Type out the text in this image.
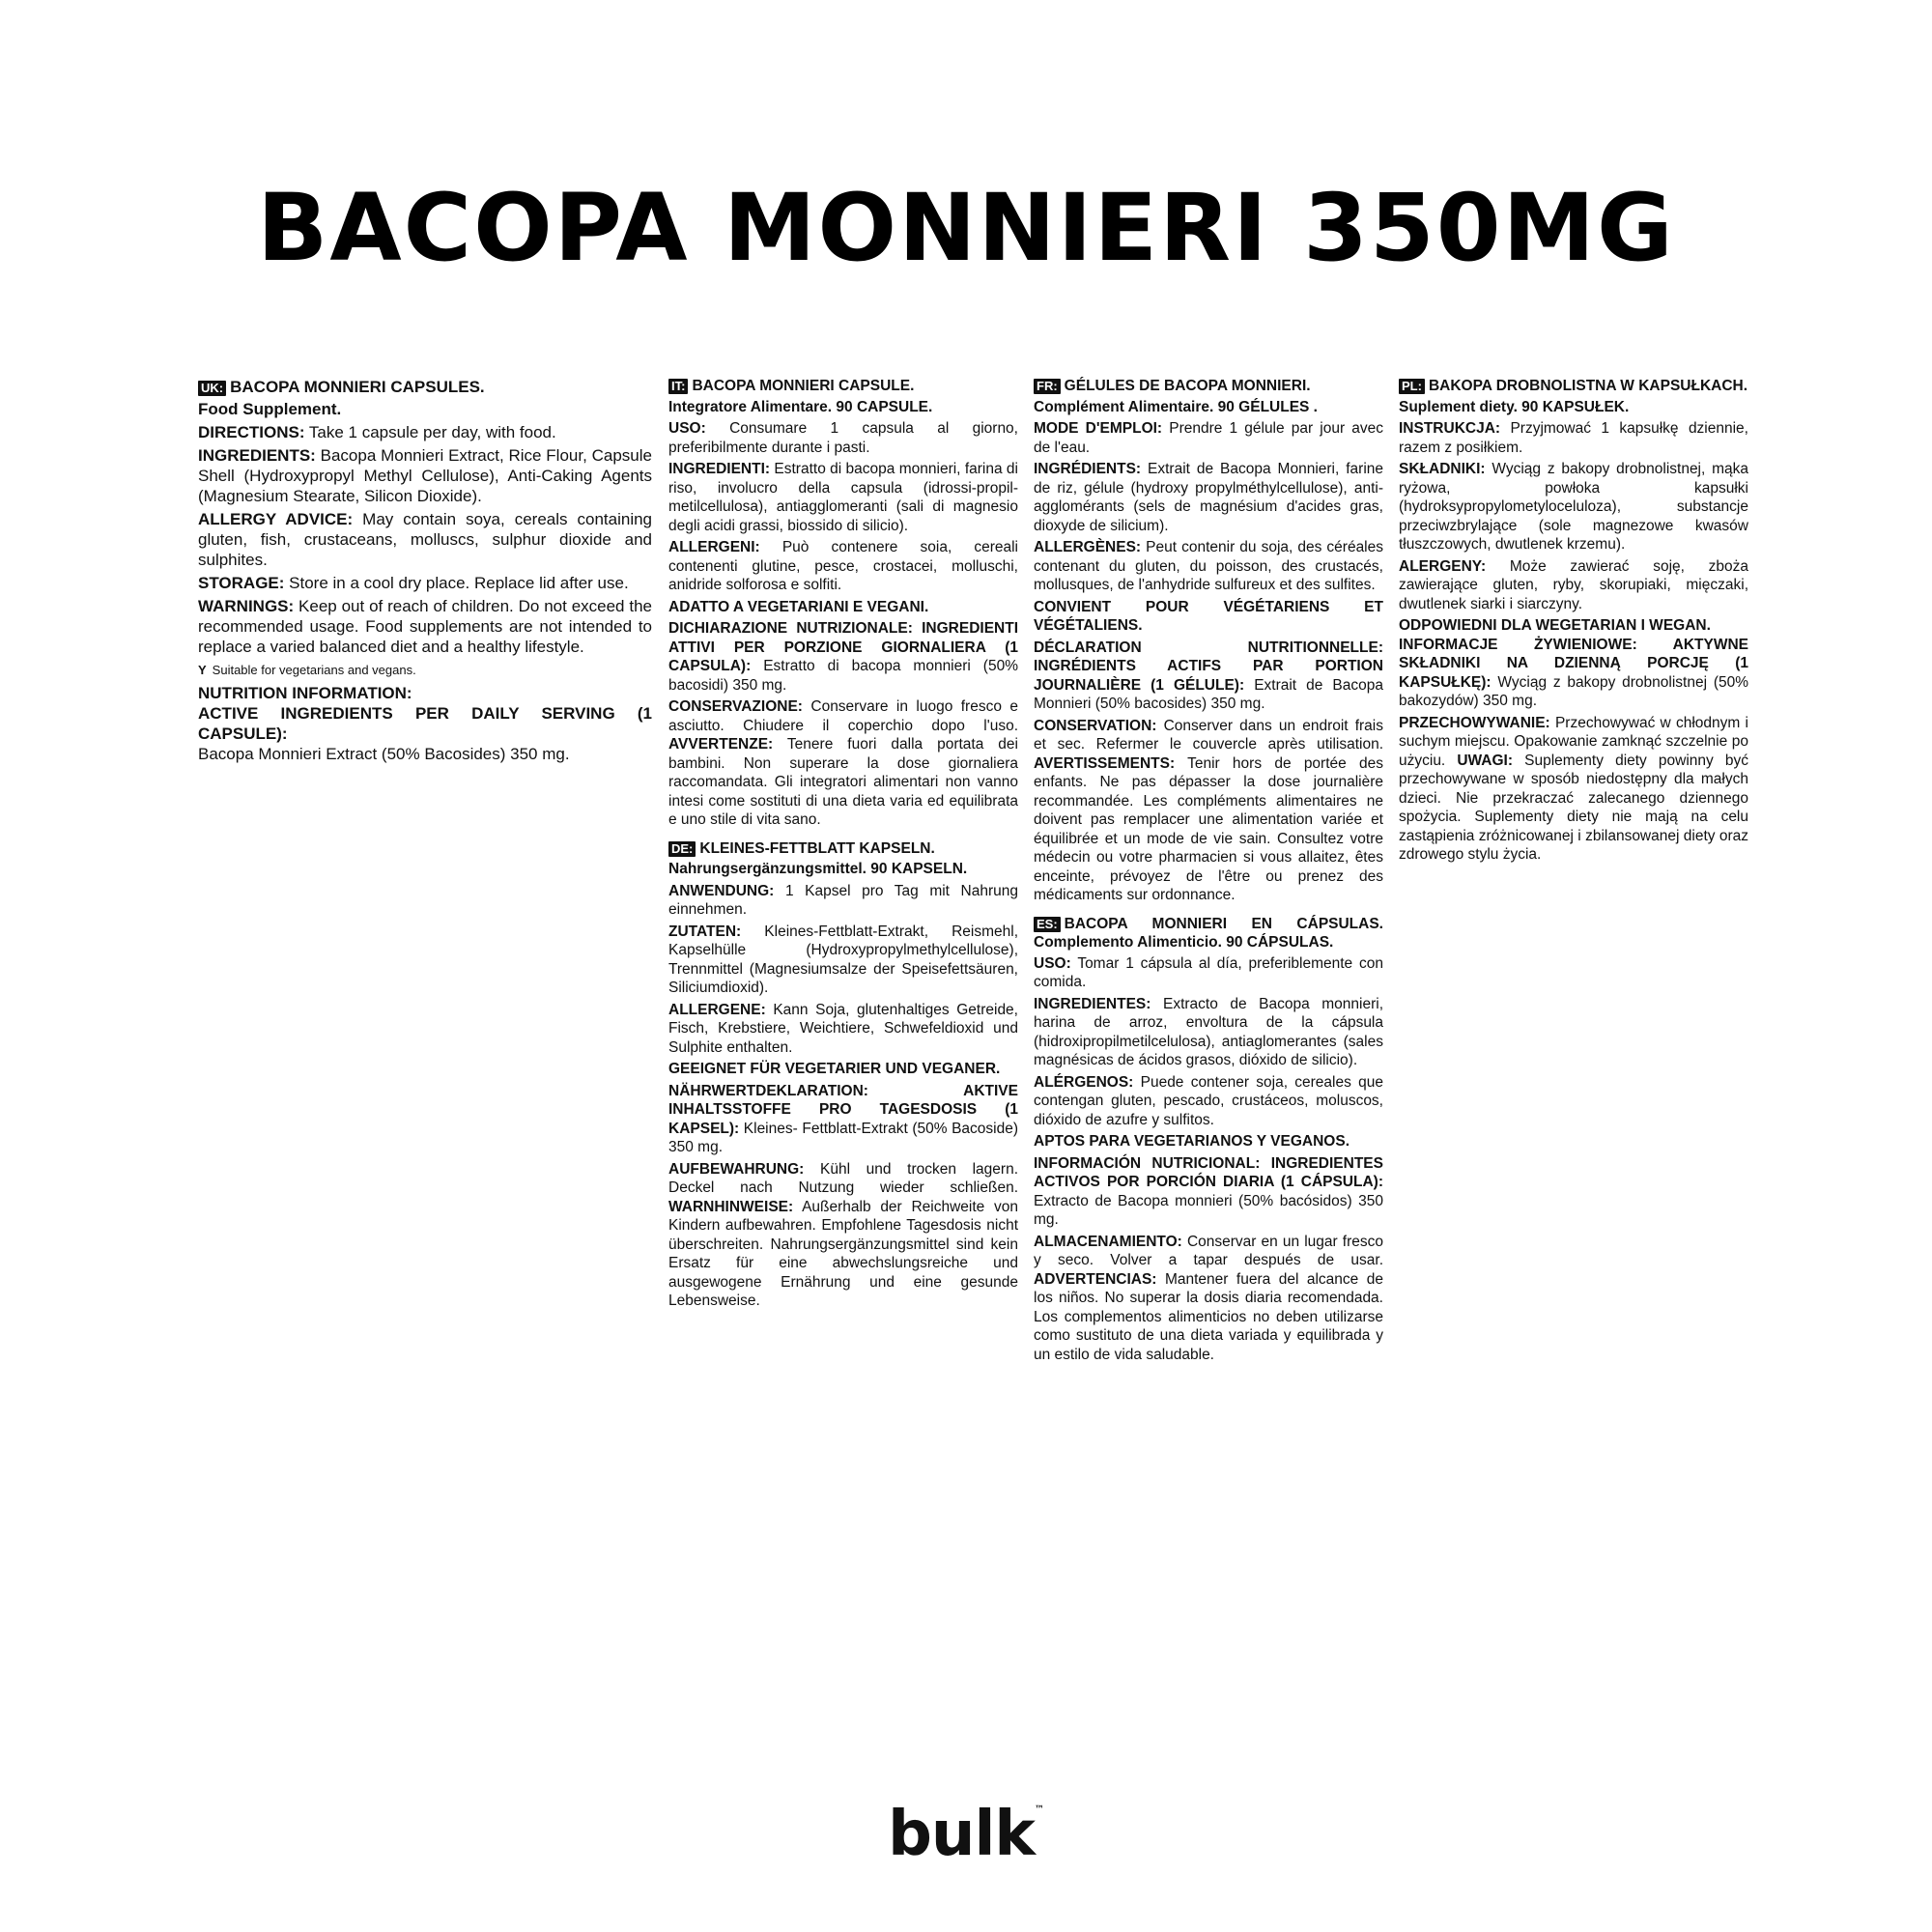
BACOPA MONNIERI 350MG

UK: BACOPA MONNIERI CAPSULES.

Food Supplement.

DIRECTIONS: Take 1 capsule per day, with food.

INGREDIENTS: Bacopa Monnieri Extract, Rice Flour, Capsule Shell (Hydroxypropyl Methyl Cellulose), Anti-Caking Agents (Magnesium Stearate, Silicon Dioxide).

ALLERGY ADVICE: May contain soya, cereals containing gluten, fish, crustaceans, molluscs, sulphur dioxide and sulphites.

STORAGE: Store in a cool dry place. Replace lid after use.

WARNINGS: Keep out of reach of children. Do not exceed the recommended usage. Food supplements are not intended to replace a varied balanced diet and a healthy lifestyle.

Y Suitable for vegetarians and vegans.

NUTRITION INFORMATION:

ACTIVE INGREDIENTS PER DAILY SERVING (1 CAPSULE):

Bacopa Monnieri Extract (50% Bacosides) 350 mg.

IT: BACOPA MONNIERI CAPSULE.

Integratore Alimentare. 90 CAPSULE.

USO: Consumare 1 capsula al giorno, preferibilmente durante i pasti.

INGREDIENTI: Estratto di bacopa monnieri, farina di riso, involucro della capsula (idrossi-propil-metilcellulosa), antiagglomeranti (sali di magnesio degli acidi grassi, biossido di silicio).

ALLERGENI: Può contenere soia, cereali contenenti glutine, pesce, crostacei, molluschi, anidride solforosa e solfiti.

ADATTO A VEGETARIANI E VEGANI.

DICHIARAZIONE NUTRIZIONALE: INGREDIENTI ATTIVI PER PORZIONE GIORNALIERA (1 CAPSULA): Estratto di bacopa monnieri (50% bacosidi) 350 mg.

CONSERVAZIONE: Conservare in luogo fresco e asciutto. Chiudere il coperchio dopo l'uso. AVVERTENZE: Tenere fuori dalla portata dei bambini. Non superare la dose giornaliera raccomandata. Gli integratori alimentari non vanno intesi come sostituti di una dieta varia ed equilibrata e uno stile di vita sano.

DE: KLEINES-FETTBLATT KAPSELN.

Nahrungsergänzungsmittel. 90 KAPSELN.

ANWENDUNG: 1 Kapsel pro Tag mit Nahrung einnehmen.

ZUTATEN: Kleines-Fettblatt-Extrakt, Reismehl, Kapselhülle (Hydroxypropylmethylcellulose), Trennmittel (Magnesiumsalze der Speisefettsäuren, Siliciumdioxid).

ALLERGENE: Kann Soja, glutenhaltiges Getreide, Fisch, Krebstiere, Weichtiere, Schwefeldioxid und Sulphite enthalten.

GEEIGNET FÜR VEGETARIER UND VEGANER.

NÄHRWERTDEKLARATION: AKTIVE INHALTSSTOFFE PRO TAGESDOSIS (1 KAPSEL): Kleines- Fettblatt-Extrakt (50% Bacoside) 350 mg.

AUFBEWAHRUNG: Kühl und trocken lagern. Deckel nach Nutzung wieder schließen. WARNHINWEISE: Außerhalb der Reichweite von Kindern aufbewahren. Empfohlene Tagesdosis nicht überschreiten. Nahrungsergänzungsmittel sind kein Ersatz für eine abwechslungsreiche und ausgewogene Ernährung und eine gesunde Lebensweise.

FR: GÉLULES DE BACOPA MONNIERI.

Complément Alimentaire. 90 GÉLULES .

MODE D'EMPLOI: Prendre 1 gélule par jour avec de l'eau.

INGRÉDIENTS: Extrait de Bacopa Monnieri, farine de riz, gélule (hydroxy propylméthylcellulose), anti-agglomérants (sels de magnésium d'acides gras, dioxyde de silicium).

ALLERGÈNES: Peut contenir du soja, des céréales contenant du gluten, du poisson, des crustacés, mollusques, de l'anhydride sulfureux et des sulfites.

CONVIENT POUR VÉGÉTARIENS ET VÉGÉTALIENS.

DÉCLARATION NUTRITIONNELLE: INGRÉDIENTS ACTIFS PAR PORTION JOURNALIÈRE (1 GÉLULE): Extrait de Bacopa Monnieri (50% bacosides) 350 mg.

CONSERVATION: Conserver dans un endroit frais et sec. Refermer le couvercle après utilisation. AVERTISSEMENTS: Tenir hors de portée des enfants. Ne pas dépasser la dose journalière recommandée. Les compléments alimentaires ne doivent pas remplacer une alimentation variée et équilibrée et un mode de vie sain. Consultez votre médecin ou votre pharmacien si vous allaitez, êtes enceinte, prévoyez de l'être ou prenez des médicaments sur ordonnance.

ES: BACOPA MONNIERI EN CÁPSULAS. Complemento Alimenticio. 90 CÁPSULAS.

USO: Tomar 1 cápsula al día, preferiblemente con comida.

INGREDIENTES: Extracto de Bacopa monnieri, harina de arroz, envoltura de la cápsula (hidroxipropilmetilcelulosa), antiaglomerantes (sales magnésicas de ácidos grasos, dióxido de silicio).

ALÉRGENOS: Puede contener soja, cereales que contengan gluten, pescado, crustáceos, moluscos, dióxido de azufre y sulfitos.

APTOS PARA VEGETARIANOS Y VEGANOS.

INFORMACIÓN NUTRICIONAL: INGREDIENTES ACTIVOS POR PORCIÓN DIARIA (1 CÁPSULA): Extracto de Bacopa monnieri (50% bacósidos) 350 mg.

ALMACENAMIENTO: Conservar en un lugar fresco y seco. Volver a tapar después de usar. ADVERTENCIAS: Mantener fuera del alcance de los niños. No superar la dosis diaria recomendada. Los complementos alimenticios no deben utilizarse como sustituto de una dieta variada y equilibrada y un estilo de vida saludable.

PL: BAKOPA DROBNOLISTNA W KAPSUŁKACH.

Suplement diety. 90 KAPSUŁEK.

INSTRUKCJA: Przyjmować 1 kapsułkę dziennie, razem z posiłkiem.

SKŁADNIKI: Wyciąg z bakopy drobnolistnej, mąka ryżowa, powłoka kapsułki (hydroksypropylometyloceluloza), substancje przeciwzbrylające (sole magnezowe kwasów tłuszczowych, dwutlenek krzemu).

ALERGENY: Może zawierać soję, zboża zawierające gluten, ryby, skorupiaki, mięczaki, dwutlenek siarki i siarczyny.

ODPOWIEDNI DLA WEGETARIAN I WEGAN.

INFORMACJE ŻYWIENIOWE: AKTYWNE SKŁADNIKI NA DZIENNĄ PORCJĘ (1 KAPSUŁKĘ): Wyciąg z bakopy drobnolistnej (50% bakozydów) 350 mg.

PRZECHOWYWANIE: Przechowywać w chłodnym i suchym miejscu. Opakowanie zamknąć szczelnie po użyciu. UWAGI: Suplementy diety powinny być przechowywane w sposób niedostępny dla małych dzieci. Nie przekraczać zalecanego dziennego spożycia. Suplementy diety nie mają na celu zastąpienia zróżnicowanej i zbilansowanej diety oraz zdrowego stylu życia.

bulk™
